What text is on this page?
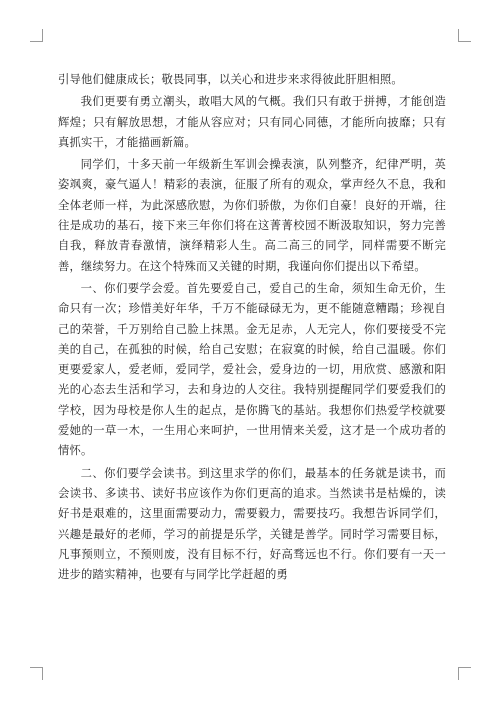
引导他们健康成长；敬畏同事，以关心和进步来求得彼此肝胆相照。

我们更要有勇立潮头，敢唱大风的气概。我们只有敢于拼搏，才能创造辉煌；只有解放思想，才能从容应对；只有同心同德，才能所向披靡；只有真抓实干，才能描画新篇。

同学们，十多天前一年级新生军训会操表演，队列整齐，纪律严明，英姿飒爽，豪气逼人！精彩的表演，征服了所有的观众，掌声经久不息，我和全体老师一样，为此深感欣慰，为你们骄傲，为你们自豪！良好的开端，往往是成功的基石，接下来三年你们将在这菁菁校园不断汲取知识，努力完善自我，释放青春激情，演绎精彩人生。高二高三的同学，同样需要不断完善，继续努力。在这个特殊而又关键的时期，我谨向你们提出以下希望。

一、你们要学会爱。首先要爱自己，爱自己的生命，须知生命无价，生命只有一次；珍惜美好年华，千万不能碌碌无为，更不能随意糟蹋；珍视自己的荣誉，千万别给自己脸上抹黑。金无足赤，人无完人，你们要接受不完美的自己，在孤独的时候，给自己安慰；在寂寞的时候，给自己温暖。你们更要爱家人，爱老师，爱同学，爱社会，爱身边的一切，用欣赏、感激和阳光的心态去生活和学习，去和身边的人交往。我特别提醒同学们要爱我们的学校，因为母校是你人生的起点，是你腾飞的基站。我想你们热爱学校就要爱她的一草一木，一生用心来呵护，一世用情来关爱，这才是一个成功者的情怀。

二、你们要学会读书。到这里求学的你们，最基本的任务就是读书，而会读书、多读书、读好书应该作为你们更高的追求。当然读书是枯燥的，读好书是艰难的，这里面需要动力，需要毅力，需要技巧。我想告诉同学们，兴趣是最好的老师，学习的前提是乐学，关键是善学。同时学习需要目标，凡事预则立，不预则废，没有目标不行，好高骛远也不行。你们要有一天一进步的踏实精神，也要有与同学比学赶超的勇
